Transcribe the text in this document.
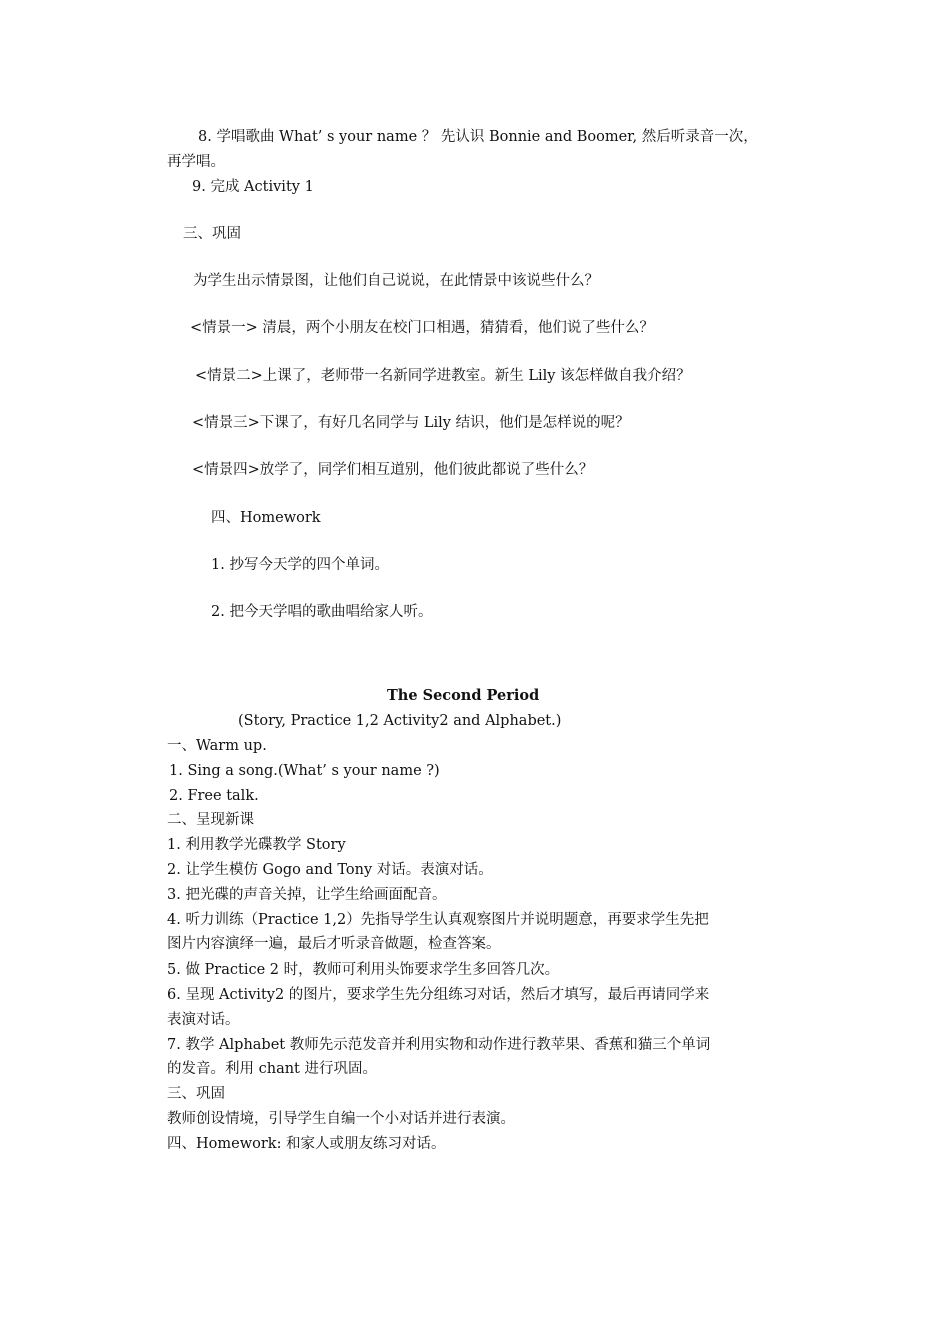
8. 学唱歌曲 What’ s your name ？ 先认识 Bonnie and Boomer, 然后听录音一次，
再学唱。
9. 完成 Activity 1
三、巩固
为学生出示情景图，让他们自己说说，在此情景中该说些什么？
<情景一> 清晨，两个小朋友在校门口相遇，猜猜看，他们说了些什么？
<情景二>上课了，老师带一名新同学进教室。新生 Lily 该怎样做自我介绍？
<情景三>下课了，有好几名同学与 Lily 结识，他们是怎样说的呢？
<情景四>放学了，同学们相互道别，他们彼此都说了些什么？
四、Homework
1. 抄写今天学的四个单词。
2. 把今天学唱的歌曲唱给家人听。
The Second Period
(Story, Practice 1,2 Activity2 and Alphabet.)
一、Warm up.
1. Sing a song.(What’ s your name ?)
2. Free talk.
二、呈现新课
1. 利用教学光碟教学 Story
2. 让学生模仿 Gogo and Tony 对话。表演对话。
3. 把光碟的声音关掉，让学生给画面配音。
4. 听力训练（Practice 1,2）先指导学生认真观察图片并说明题意，再要求学生先把
图片内容演绎一遍，最后才听录音做题，检查答案。
5. 做 Practice 2 时，教师可利用头饰要求学生多回答几次。
6. 呈现 Activity2 的图片，要求学生先分组练习对话，然后才填写，最后再请同学来
表演对话。
7. 教学 Alphabet 教师先示范发音并利用实物和动作进行教苹果、香蕉和猫三个单词
的发音。利用 chant 进行巩固。
三、巩固
教师创设情境，引导学生自编一个小对话并进行表演。
四、Homework: 和家人或朋友练习对话。
